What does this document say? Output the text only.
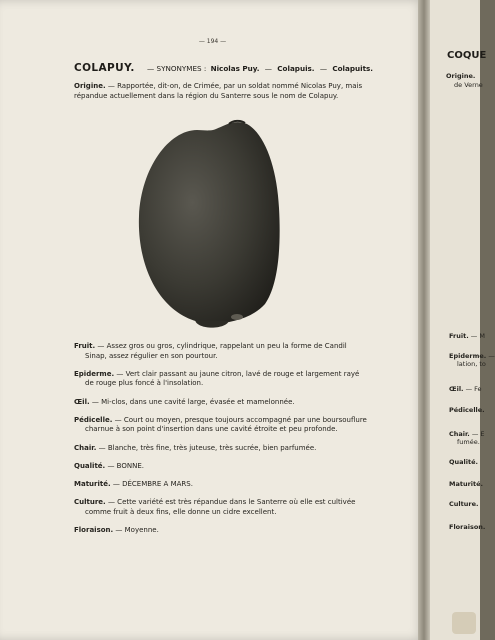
— 194 —
COLAPUY. — SYNONYMES : Nicolas Puy. — Colapuis. — Colapuits.
Origine. — Rapportée, dit-on, de Crimée, par un soldat nommé Nicolas Puy, mais répandue actuellement dans la région du Santerre sous le nom de Colapuy.

Fruit. — Assez gros ou gros, cylindrique, rappelant un peu la forme de Candil
Sinap, assez régulier en son pourtour.

Epiderme. — Vert clair passant au jaune citron, lavé de rouge et largement rayé
de rouge plus foncé à l'insolation.

Œil. — Mi-clos, dans une cavité large, évasée et mamelonnée.

Pédicelle. — Court ou moyen, presque toujours accompagné par une boursouflure
charnue à son point d'insertion dans une cavité étroite et peu profonde.

Chair. — Blanche, très fine, très juteuse, très sucrée, bien parfumée.

Qualité. — BONNE.

Maturité. — DÉCEMBRE A MARS.

Culture. — Cette variété est très répandue dans le Santerre où elle est cultivée
comme fruit à deux fins, elle donne un cidre excellent.

Floraison. — Moyenne.

COQUE
Origine.
de Verne
Fruit. — M
Epiderme. —
lation, to
Œil. — Fe
Pédicelle.
Chair. — E
fumée.
Qualité.
Maturité.
Culture.
Floraison.
